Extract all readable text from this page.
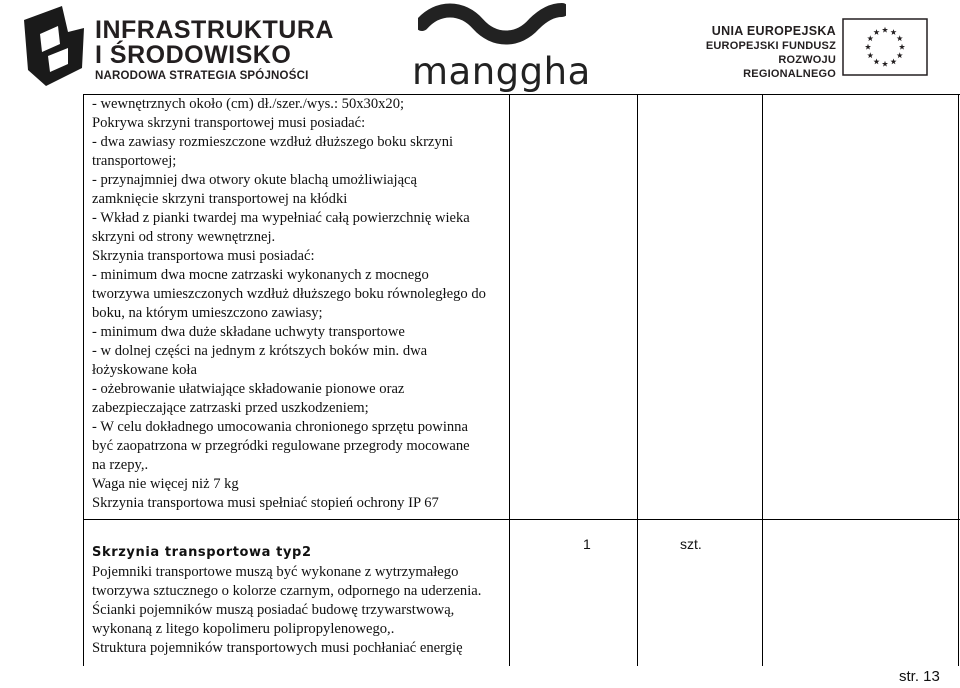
INFRASTRUKTURA
I ŚRODOWISKO
NARODOWA STRATEGIA SPÓJNOŚCI	manggha
UNIA EUROPEJSKA
EUROPEJSKI FUNDUSZ
ROZWOJU REGIONALNEGO
- wewnętrznych około (cm) dł./szer./wys.: 50x30x20;
Pokrywa skrzyni transportowej musi posiadać:
- dwa zawiasy rozmieszczone wzdłuż dłuższego boku skrzyni
transportowej;
- przynajmniej dwa otwory okute blachą umożliwiającą
zamknięcie skrzyni transportowej na kłódki
- Wkład z pianki twardej ma wypełniać całą powierzchnię wieka
skrzyni od strony wewnętrznej.
Skrzynia transportowa musi posiadać:
- minimum dwa mocne zatrzaski wykonanych z mocnego
tworzywa umieszczonych wzdłuż dłuższego boku równoległego do
boku, na którym umieszczono zawiasy;
- minimum dwa duże składane uchwyty transportowe
- w dolnej części na jednym z krótszych boków min. dwa
łożyskowane koła
- ożebrowanie ułatwiające składowanie pionowe oraz
zabezpieczające zatrzaski przed uszkodzeniem;
- W celu dokładnego umocowania chronionego sprzętu powinna
być zaopatrzona w przegródki regulowane przegrody mocowane
na rzepy,.
Waga nie więcej niż 7 kg
Skrzynia transportowa musi spełniać stopień ochrony IP 67
Skrzynia transportowa typ2
Pojemniki transportowe muszą być wykonane z wytrzymałego
tworzywa sztucznego o kolorze czarnym, odpornego na uderzenia.
Ścianki pojemników muszą posiadać budowę trzywarstwową,
wykonaną z litego kopolimeru polipropylenowego,.
Struktura pojemników transportowych musi pochłaniać energię
1	szt.
str. 13
